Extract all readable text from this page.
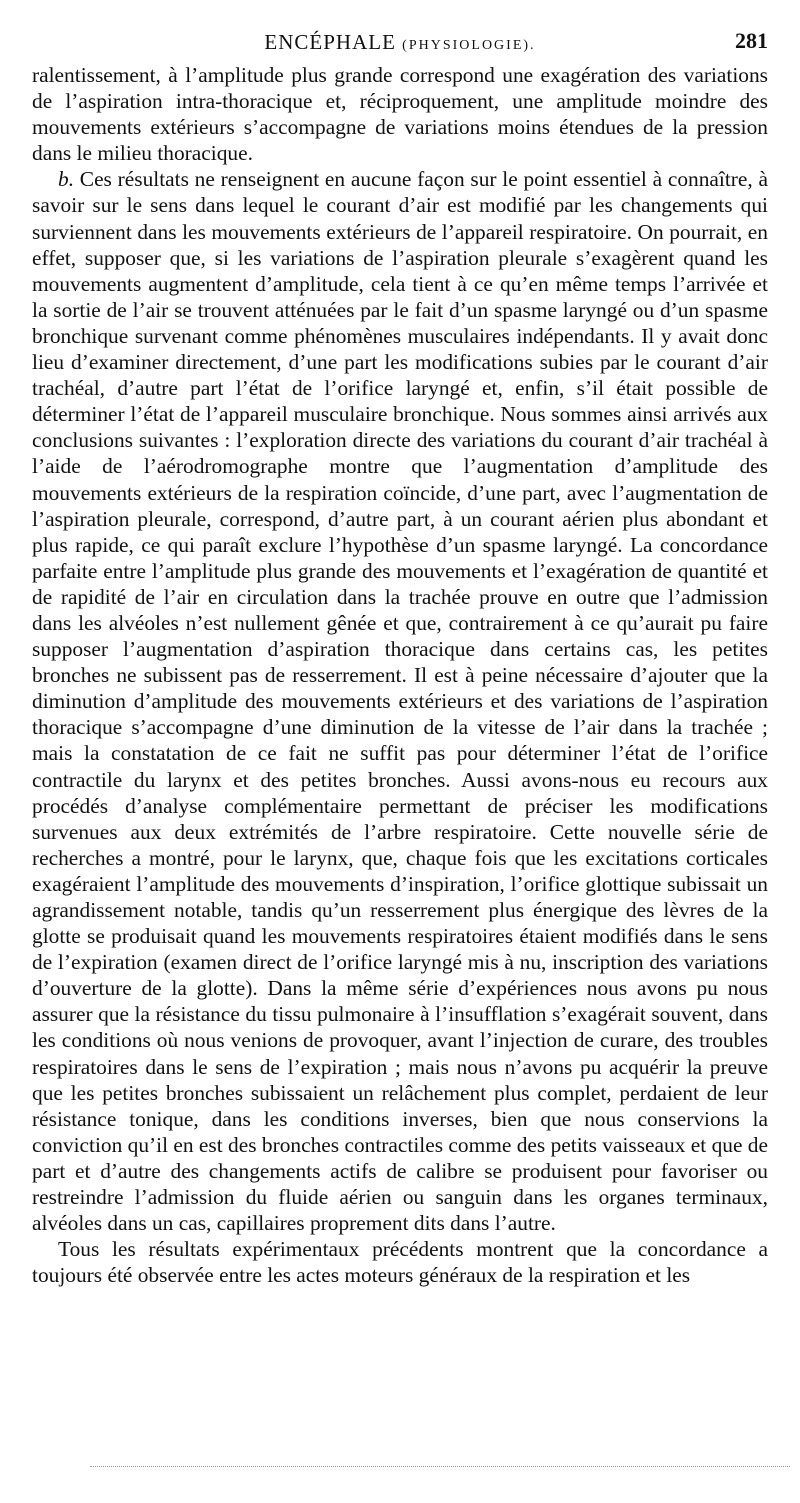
ENCÉPHALE (PHYSIOLOGIE).	281

ralentissement, à l’amplitude plus grande correspond une exagération des variations de l’aspiration intra-thoracique et, réciproquement, une amplitude moindre des mouvements extérieurs s’accompagne de variations moins étendues de la pression dans le milieu thoracique.

b. Ces résultats ne renseignent en aucune façon sur le point essentiel à connaître, à savoir sur le sens dans lequel le courant d’air est modifié par les changements qui surviennent dans les mouvements extérieurs de l’appareil respiratoire. On pourrait, en effet, supposer que, si les variations de l’aspiration pleurale s’exagèrent quand les mouvements augmentent d’amplitude, cela tient à ce qu’en même temps l’arrivée et la sortie de l’air se trouvent atténuées par le fait d’un spasme laryngé ou d’un spasme bronchique survenant comme phénomènes musculaires indépendants. Il y avait donc lieu d’examiner directement, d’une part les modifications subies par le courant d’air trachéal, d’autre part l’état de l’orifice laryngé et, enfin, s’il était possible de déterminer l’état de l’appareil musculaire bronchique. Nous sommes ainsi arrivés aux conclusions suivantes : l’exploration directe des variations du courant d’air trachéal à l’aide de l’aérodromographe montre que l’augmentation d’amplitude des mouvements extérieurs de la respiration coïncide, d’une part, avec l’augmentation de l’aspiration pleurale, correspond, d’autre part, à un courant aérien plus abondant et plus rapide, ce qui paraît exclure l’hypothèse d’un spasme laryngé. La concordance parfaite entre l’amplitude plus grande des mouvements et l’exagération de quantité et de rapidité de l’air en circulation dans la trachée prouve en outre que l’admission dans les alvéoles n’est nullement gênée et que, contrairement à ce qu’aurait pu faire supposer l’augmentation d’aspiration thoracique dans certains cas, les petites bronches ne subissent pas de resserrement. Il est à peine nécessaire d’ajouter que la diminution d’amplitude des mouvements extérieurs et des variations de l’aspiration thoracique s’accompagne d’une diminution de la vitesse de l’air dans la trachée ; mais la constatation de ce fait ne suffit pas pour déterminer l’état de l’orifice contractile du larynx et des petites bronches. Aussi avons-nous eu recours aux procédés d’analyse complémentaire permettant de préciser les modifications survenues aux deux extrémités de l’arbre respiratoire. Cette nouvelle série de recherches a montré, pour le larynx, que, chaque fois que les excitations corticales exagéraient l’amplitude des mouvements d’inspiration, l’orifice glottique subissait un agrandissement notable, tandis qu’un resserrement plus énergique des lèvres de la glotte se produisait quand les mouvements respiratoires étaient modifiés dans le sens de l’expiration (examen direct de l’orifice laryngé mis à nu, inscription des variations d’ouverture de la glotte). Dans la même série d’expériences nous avons pu nous assurer que la résistance du tissu pulmonaire à l’insufflation s’exagérait souvent, dans les conditions où nous venions de provoquer, avant l’injection de curare, des troubles respiratoires dans le sens de l’expiration ; mais nous n’avons pu acquérir la preuve que les petites bronches subissaient un relâchement plus complet, perdaient de leur résistance tonique, dans les conditions inverses, bien que nous conservions la conviction qu’il en est des bronches contractiles comme des petits vaisseaux et que de part et d’autre des changements actifs de calibre se produisent pour favoriser ou restreindre l’admission du fluide aérien ou sanguin dans les organes terminaux, alvéoles dans un cas, capillaires proprement dits dans l’autre.

Tous les résultats expérimentaux précédents montrent que la concordance a toujours été observée entre les actes moteurs généraux de la respiration et les
